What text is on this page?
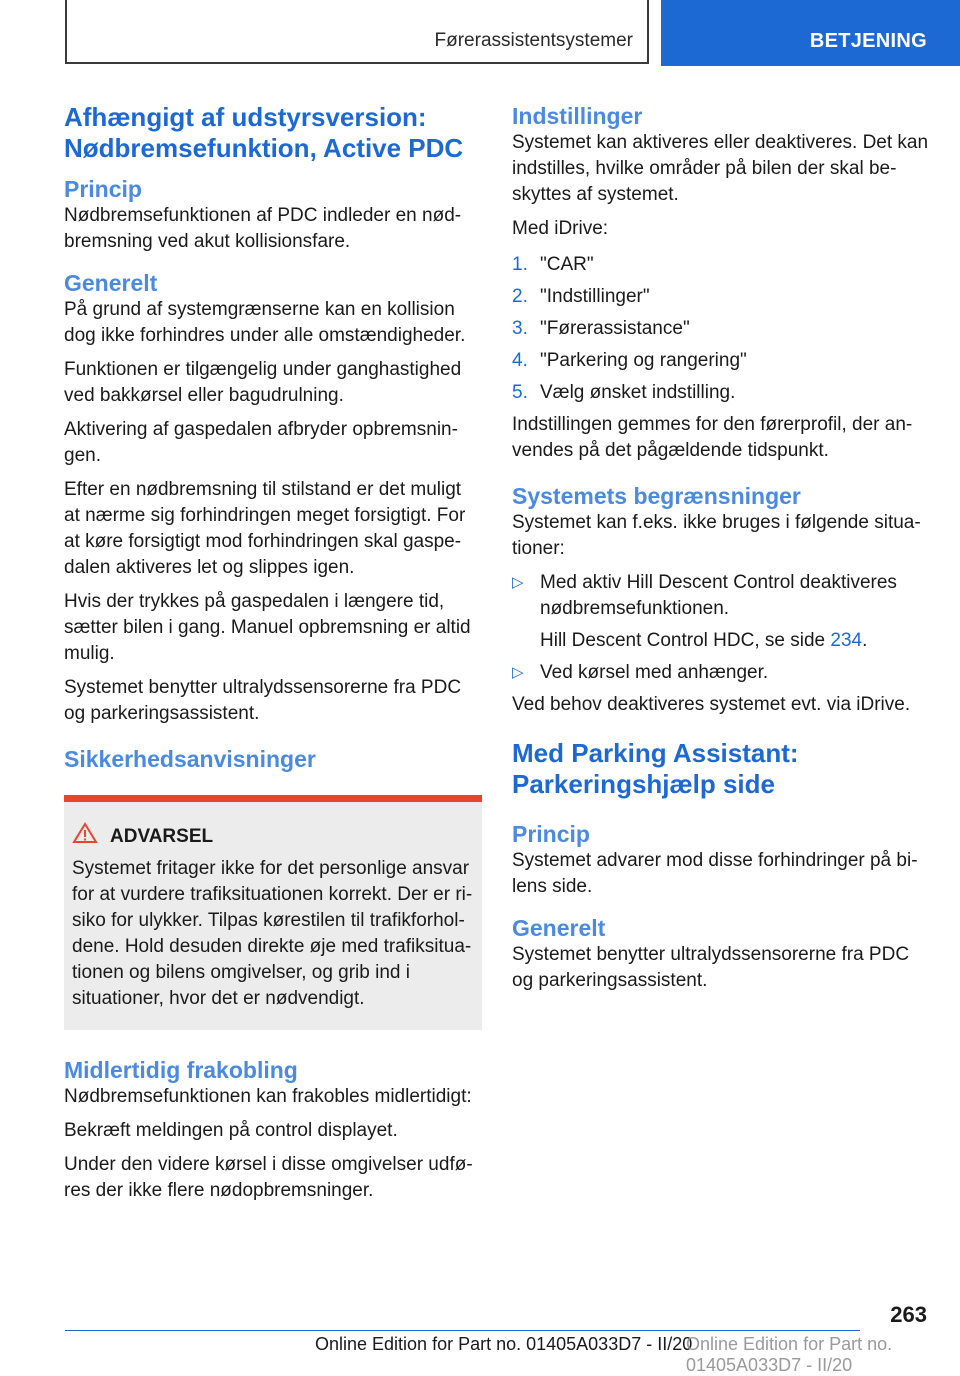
Førerassistentsystemer	BETJENING
Afhængigt af udstyrsversion: Nødbremsefunktion, Active PDC
Princip

Nødbremsefunktionen af PDC indleder en nødbremsning ved akut kollisionsfare.

Generelt

På grund af systemgrænserne kan en kollision dog ikke forhindres under alle omstændigheder.

Funktionen er tilgængelig under ganghastighed ved bakkørsel eller bagudrulning.

Aktivering af gaspedalen afbryder opbremsningen.

Efter en nødbremsning til stilstand er det muligt at nærme sig forhindringen meget forsigtigt. For at køre forsigtigt mod forhindringen skal gaspedalen aktiveres let og slippes igen.

Hvis der trykkes på gaspedalen i længere tid, sætter bilen i gang. Manuel opbremsning er altid mulig.

Systemet benytter ultralydssensorerne fra PDC og parkeringsassistent.

Sikkerhedsanvisninger
ADVARSEL
Systemet fritager ikke for det personlige ansvar for at vurdere trafiksituationen korrekt. Der er risiko for ulykker. Tilpas kørestilen til trafikforholdene. Hold desuden direkte øje med trafiksituationen og bilens omgivelser, og grib ind i situationer, hvor det er nødvendigt.
Midlertidig frakobling

Nødbremsefunktionen kan frakobles midlertidigt:

Bekræft meldingen på control displayet.

Under den videre kørsel i disse omgivelser udføres der ikke flere nødopbremsninger.

Indstillinger

Systemet kan aktiveres eller deaktiveres. Det kan indstilles, hvilke områder på bilen der skal beskyttes af systemet.

Med iDrive:

1. "CAR"
2. "Indstillinger"
3. "Førerassistance"
4. "Parkering og rangering"
5. Vælg ønsket indstilling.

Indstillingen gemmes for den førerprofil, der anvendes på det pågældende tidspunkt.

Systemets begrænsninger

Systemet kan f.eks. ikke bruges i følgende situationer:

▷ Med aktiv Hill Descent Control deaktiveres nødbremsefunktionen.
Hill Descent Control HDC, se side 234.
▷ Ved kørsel med anhænger.

Ved behov deaktiveres systemet evt. via iDrive.

Med Parking Assistant: Parkeringshjælp side
Princip

Systemet advarer mod disse forhindringer på bilens side.

Generelt

Systemet benytter ultralydssensorerne fra PDC og parkeringsassistent.

263
Online Edition for Part no. 01405A033D7 - II/20
Online Edition for Part no. 01405A033D7 - II/20
